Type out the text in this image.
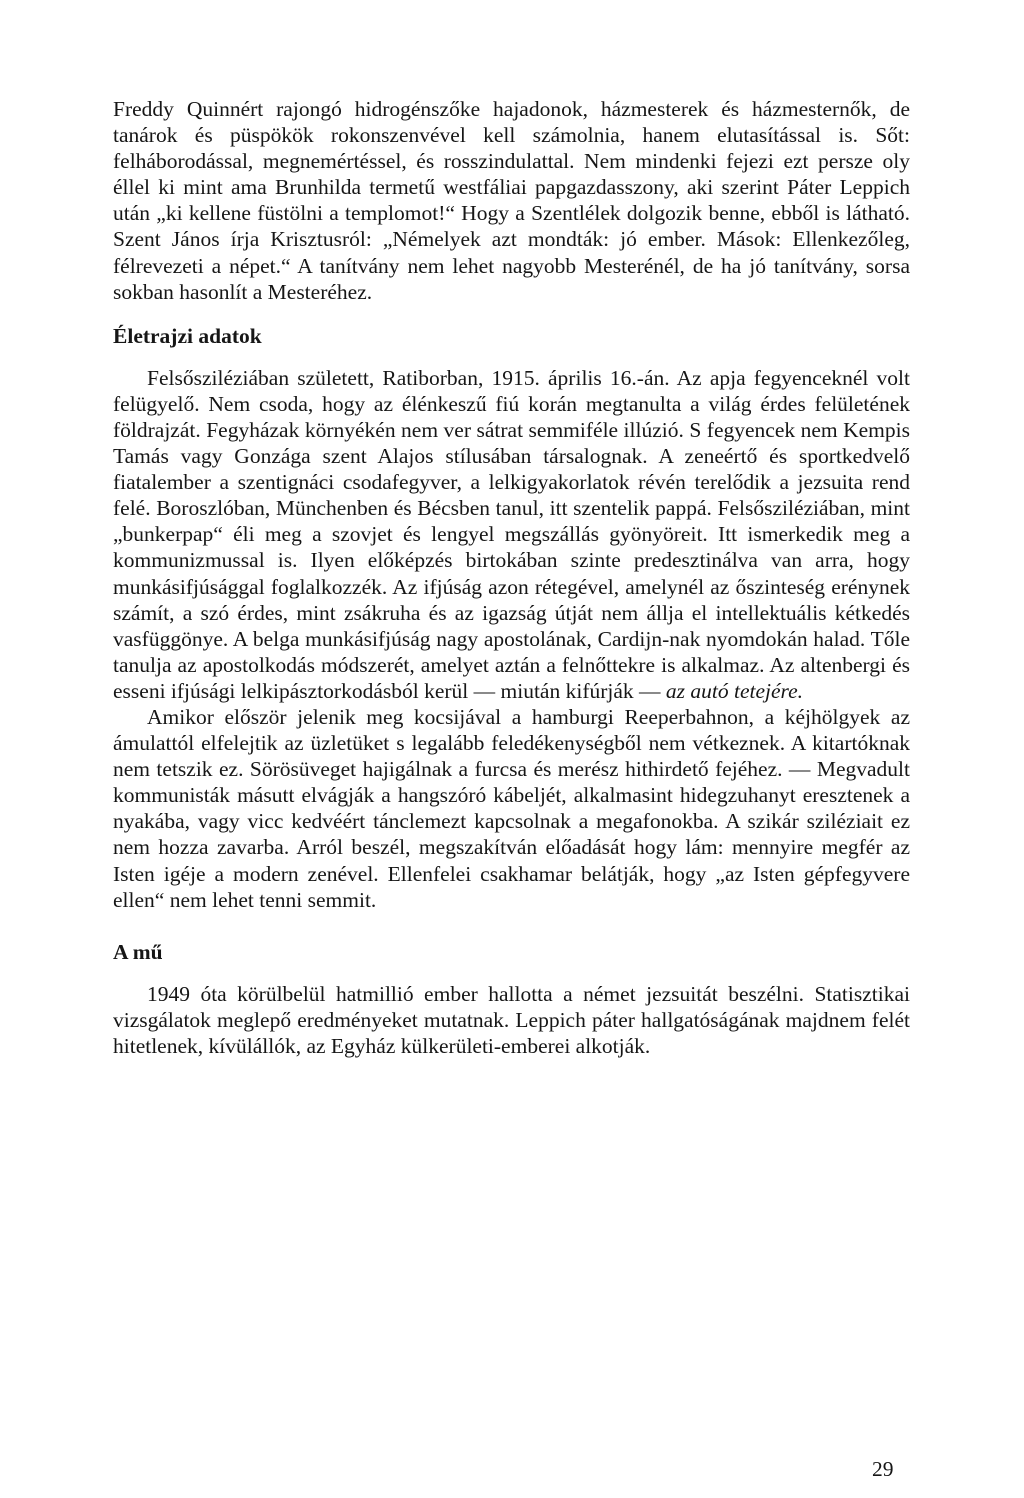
Freddy Quinnért rajongó hidrogénszőke hajadonok, házmesterek és házmesternők, de tanárok és püspökök rokonszenvével kell számolnia, hanem elutasítással is. Sőt: felháborodással, megnemértéssel, és rosszindulattal. Nem mindenki fejezi ezt persze oly éllel ki mint ama Brunhilda termetű westfáliai papgazdasszony, aki szerint Páter Leppich után „ki kellene füstölni a templomot!“ Hogy a Szentlélek dolgozik benne, ebből is látható. Szent János írja Krisztusról: „Némelyek azt mondták: jó ember. Mások: Ellenkezőleg, félrevezeti a népet.“ A tanítvány nem lehet nagyobb Mesterénél, de ha jó tanítvány, sorsa sokban hasonlít a Mesteréhez.

Életrajzi adatok

Felsősziléziában született, Ratiborban, 1915. április 16.-án. Az apja fegyenceknél volt felügyelő. Nem csoda, hogy az élénkeszű fiú korán megtanulta a világ érdes felületének földrajzát. Fegyházak környékén nem ver sátrat semmiféle illúzió. S fegyencek nem Kempis Tamás vagy Gonzága szent Alajos stílusában társalognak. A zeneértő és sportkedvelő fiatalember a szentignáci csodafegyver, a lelkigyakorlatok révén terelődik a jezsuita rend felé. Boroszlóban, Münchenben és Bécsben tanul, itt szentelik pappá. Felsősziléziában, mint „bunkerpap“ éli meg a szovjet és lengyel megszállás gyönyöreit. Itt ismerkedik meg a kommunizmussal is. Ilyen előképzés birtokában szinte predesztinálva van arra, hogy munkásifjúsággal foglalkozzék. Az ifjúság azon rétegével, amelynél az őszinteség erénynek számít, a szó érdes, mint zsákruha és az igazság útját nem állja el intellektuális kétkedés vasfüggönye. A belga munkásifjúság nagy apostolának, Cardijn-nak nyomdokán halad. Tőle tanulja az apostolkodás módszerét, amelyet aztán a felnőttekre is alkalmaz. Az altenbergi és esseni ifjúsági lelkipásztorkodásból kerül — miután kifúrják — az autó tetejére.

Amikor először jelenik meg kocsijával a hamburgi Reeperbahnon, a kéjhölgyek az ámulattól elfelejtik az üzletüket s legalább feledékenységből nem vétkeznek. A kitartóknak nem tetszik ez. Sörösüveget hajigálnak a furcsa és merész hithirdető fejéhez. — Megvadult kommunisták másutt elvágják a hangszóró kábeljét, alkalmasint hidegzuhanyt eresztenek a nyakába, vagy vicc kedvéért tánclemezt kapcsolnak a megafonokba. A szikár sziléziait ez nem hozza zavarba. Arról beszél, megszakítván előadását hogy lám: mennyire megfér az Isten igéje a modern zenével. Ellenfelei csakhamar belátják, hogy „az Isten gépfegyvere ellen“ nem lehet tenni semmit.

A mű

1949 óta körülbelül hatmillió ember hallotta a német jezsuitát beszélni. Statisztikai vizsgálatok meglepő eredményeket mutatnak. Leppich páter hallgatóságának majdnem felét hitetlenek, kívülállók, az Egyház külkerületi-emberei alkotják.

29
